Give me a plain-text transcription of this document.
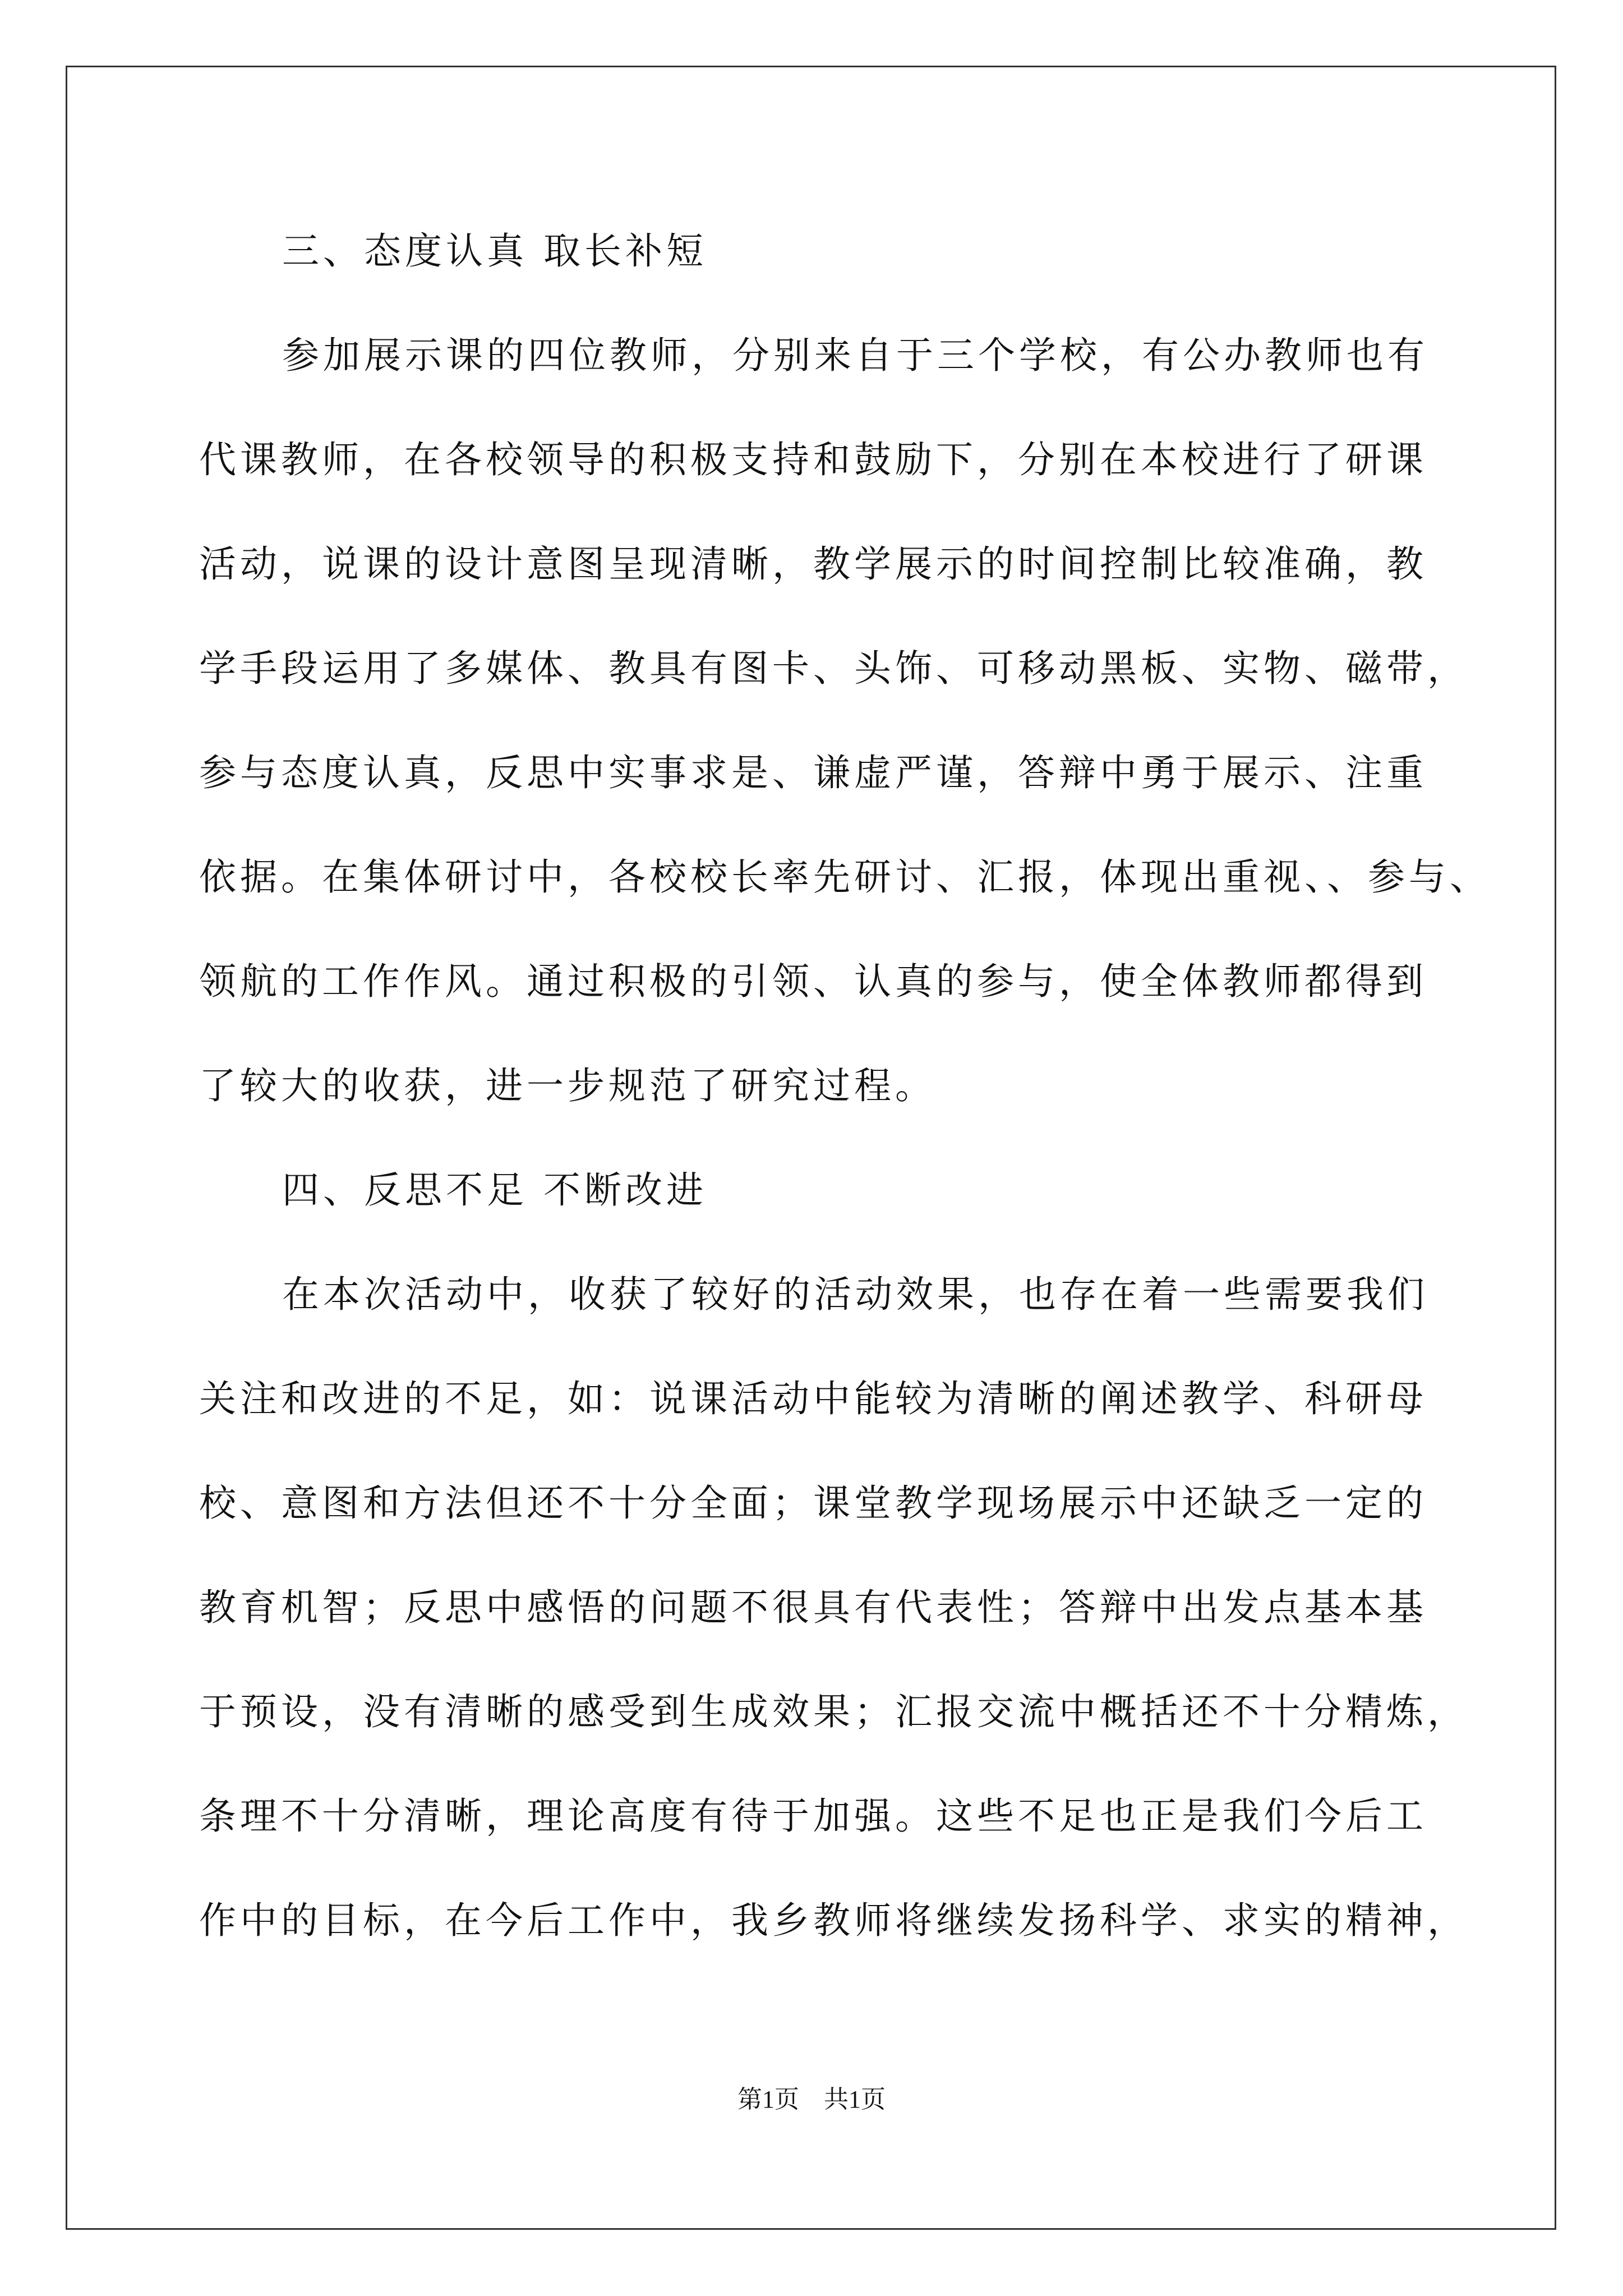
三、态度认真 取长补短
参加展示课的四位教师，分别来自于三个学校，有公办教师也有
代课教师，在各校领导的积极支持和鼓励下，分别在本校进行了研课
活动，说课的设计意图呈现清晰，教学展示的时间控制比较准确，教
学手段运用了多媒体、教具有图卡、头饰、可移动黑板、实物、磁带，
参与态度认真，反思中实事求是、谦虚严谨，答辩中勇于展示、注重
依据。在集体研讨中，各校校长率先研讨、汇报，体现出重视、、参与、
领航的工作作风。通过积极的引领、认真的参与，使全体教师都得到
了较大的收获，进一步规范了研究过程。
四、反思不足 不断改进
在本次活动中，收获了较好的活动效果，也存在着一些需要我们
关注和改进的不足，如：说课活动中能较为清晰的阐述教学、科研母
校、意图和方法但还不十分全面；课堂教学现场展示中还缺乏一定的
教育机智；反思中感悟的问题不很具有代表性；答辩中出发点基本基
于预设，没有清晰的感受到生成效果；汇报交流中概括还不十分精炼，
条理不十分清晰，理论高度有待于加强。这些不足也正是我们今后工
作中的目标，在今后工作中，我乡教师将继续发扬科学、求实的精神，
第1页　共1页
